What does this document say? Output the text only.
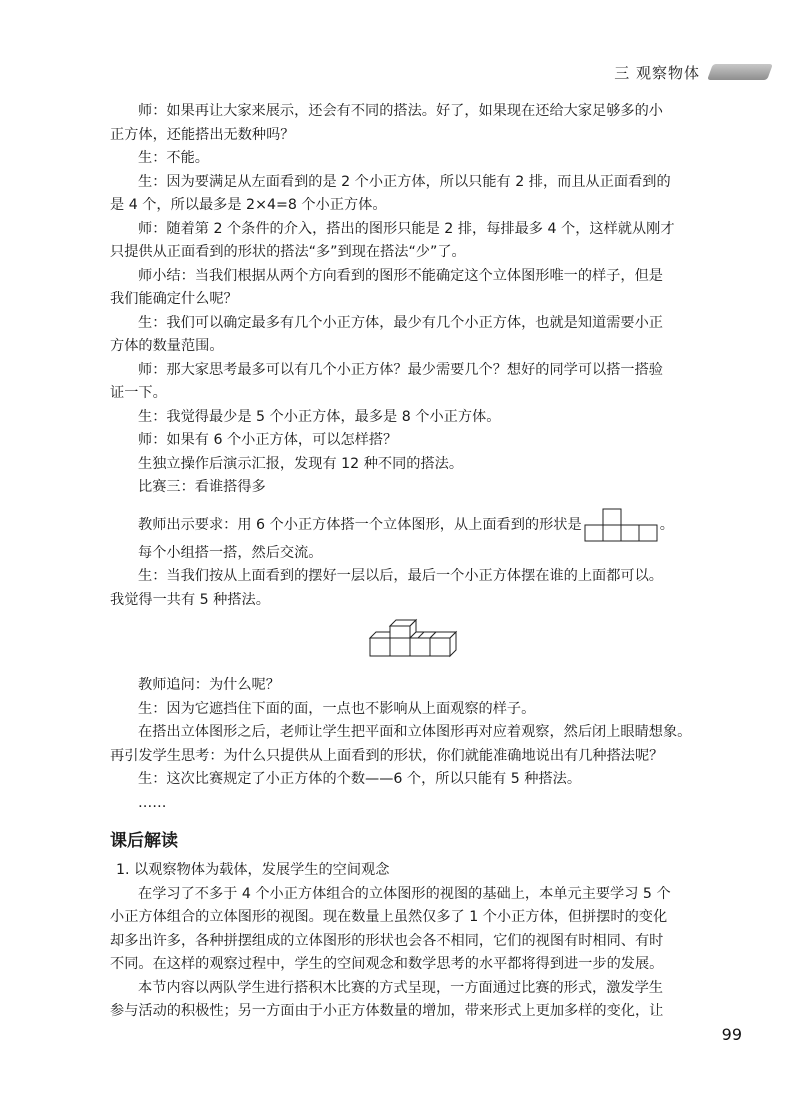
三 观察物体

师：如果再让大家来展示，还会有不同的搭法。好了，如果现在还给大家足够多的小
正方体，还能搭出无数种吗？

生：不能。

生：因为要满足从左面看到的是 2 个小正方体，所以只能有 2 排，而且从正面看到的
是 4 个，所以最多是 2×4=8 个小正方体。

师：随着第 2 个条件的介入，搭出的图形只能是 2 排，每排最多 4 个，这样就从刚才
只提供从正面看到的形状的搭法“多”到现在搭法“少”了。

师小结：当我们根据从两个方向看到的图形不能确定这个立体图形唯一的样子，但是
我们能确定什么呢？

生：我们可以确定最多有几个小正方体，最少有几个小正方体，也就是知道需要小正
方体的数量范围。

师：那大家思考最多可以有几个小正方体？最少需要几个？想好的同学可以搭一搭验
证一下。

生：我觉得最少是 5 个小正方体，最多是 8 个小正方体。

师：如果有 6 个小正方体，可以怎样搭？

生独立操作后演示汇报，发现有 12 种不同的搭法。

比赛三：看谁搭得多

教师出示要求：用 6 个小正方体搭一个立体图形，从上面看到的形状是	。

每个小组搭一搭，然后交流。

生：当我们按从上面看到的摆好一层以后，最后一个小正方体摆在谁的上面都可以。
我觉得一共有 5 种搭法。

教师追问：为什么呢？

生：因为它遮挡住下面的面，一点也不影响从上面观察的样子。

在搭出立体图形之后，老师让学生把平面和立体图形再对应着观察，然后闭上眼睛想象。
再引发学生思考：为什么只提供从上面看到的形状，你们就能准确地说出有几种搭法呢？

生：这次比赛规定了小正方体的个数——6 个，所以只能有 5 种搭法。

……

课后解读

1. 以观察物体为载体，发展学生的空间观念

在学习了不多于 4 个小正方体组合的立体图形的视图的基础上，本单元主要学习 5 个
小正方体组合的立体图形的视图。现在数量上虽然仅多了 1 个小正方体，但拼摆时的变化
却多出许多，各种拼摆组成的立体图形的形状也会各不相同，它们的视图有时相同、有时
不同。在这样的观察过程中，学生的空间观念和数学思考的水平都将得到进一步的发展。

本节内容以两队学生进行搭积木比赛的方式呈现，一方面通过比赛的形式，激发学生
参与活动的积极性；另一方面由于小正方体数量的增加，带来形式上更加多样的变化，让

99
